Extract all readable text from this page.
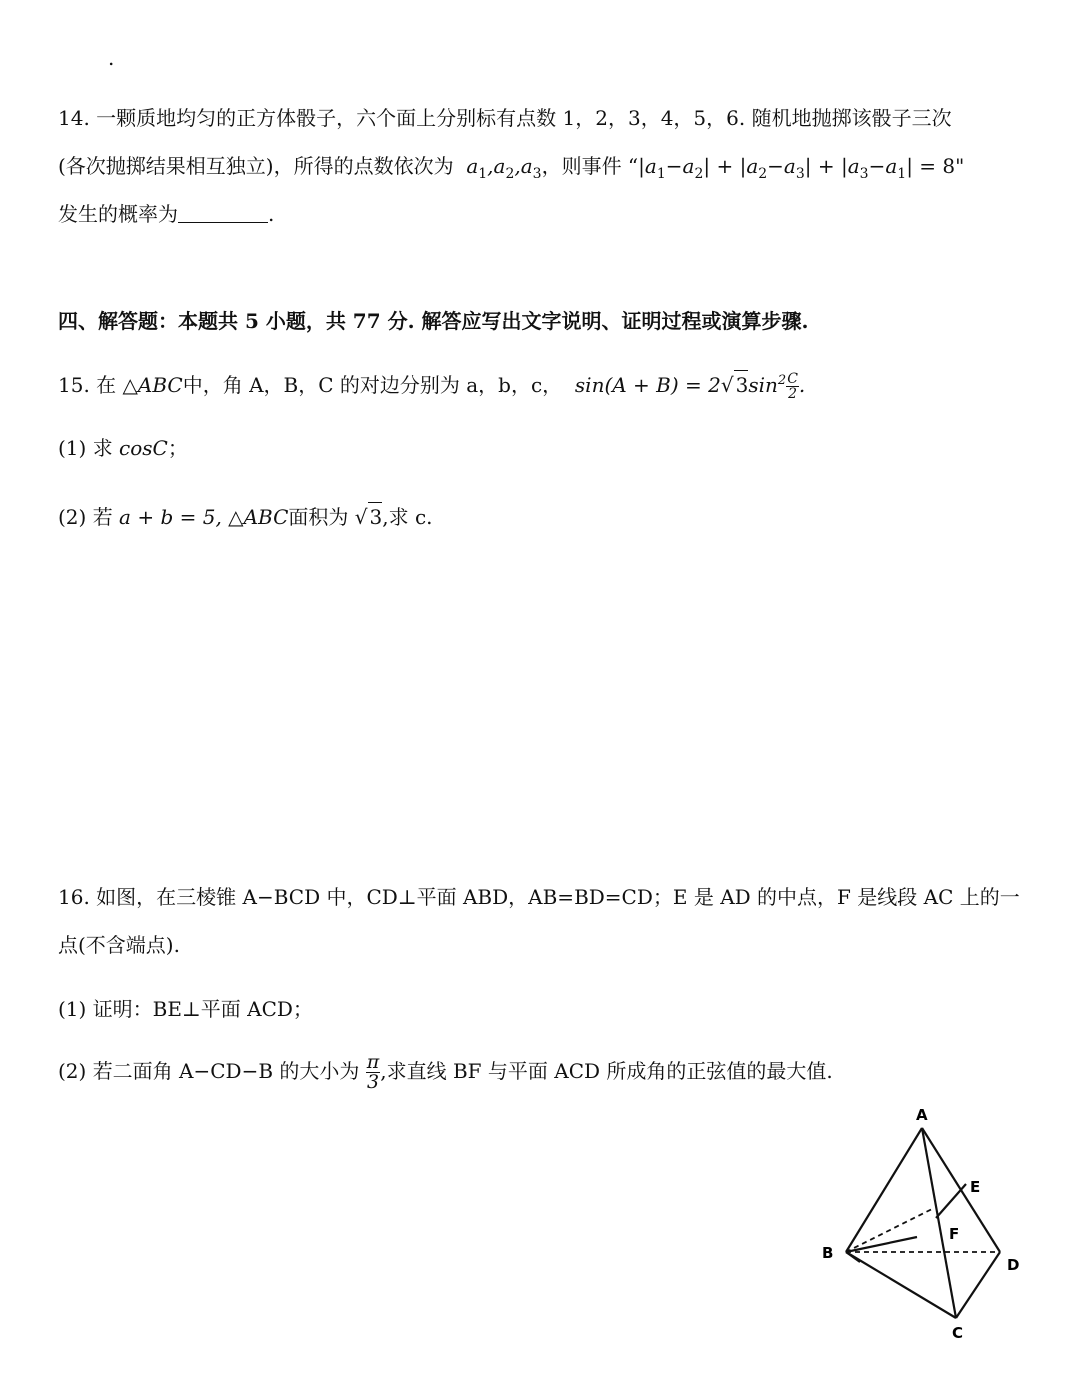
.
14. 一颗质地均匀的正方体骰子，六个面上分别标有点数 1，2，3，4，5，6. 随机地抛掷该骰子三次
(各次抛掷结果相互独立)，所得的点数依次为  $a_1,a_2,a_3$，则事件 “$|a_1-a_2| + |a_2-a_3| + |a_3-a_1| = 8$"
发生的概率为	.
四、解答题：本题共 5 小题，共 77 分. 解答应写出文字说明、证明过程或演算步骤.
15. 在 △ABC中，角 A，B，C 的对边分别为 a，b，c， sin(A + B) = 2√ $3\sin^2 \frac{C}{2}$ .
(1) 求 cosC；
(2) 若 a + b = 5, △ABC面积为 √ 3,求 c.
16. 如图，在三棱锥 A−BCD 中，CD⊥平面 ABD，AB=BD=CD；E 是 AD 的中点，F 是线段 AC 上的一
点(不含端点).
(1) 证明：BE⊥平面 ACD；
(2) 若二面角 A−CD−B 的大小为 $\frac{\pi}{3}$ ,求直线 BF 与平面 ACD 所成角的正弦值的最大值.
A
B
C
D
E
F
